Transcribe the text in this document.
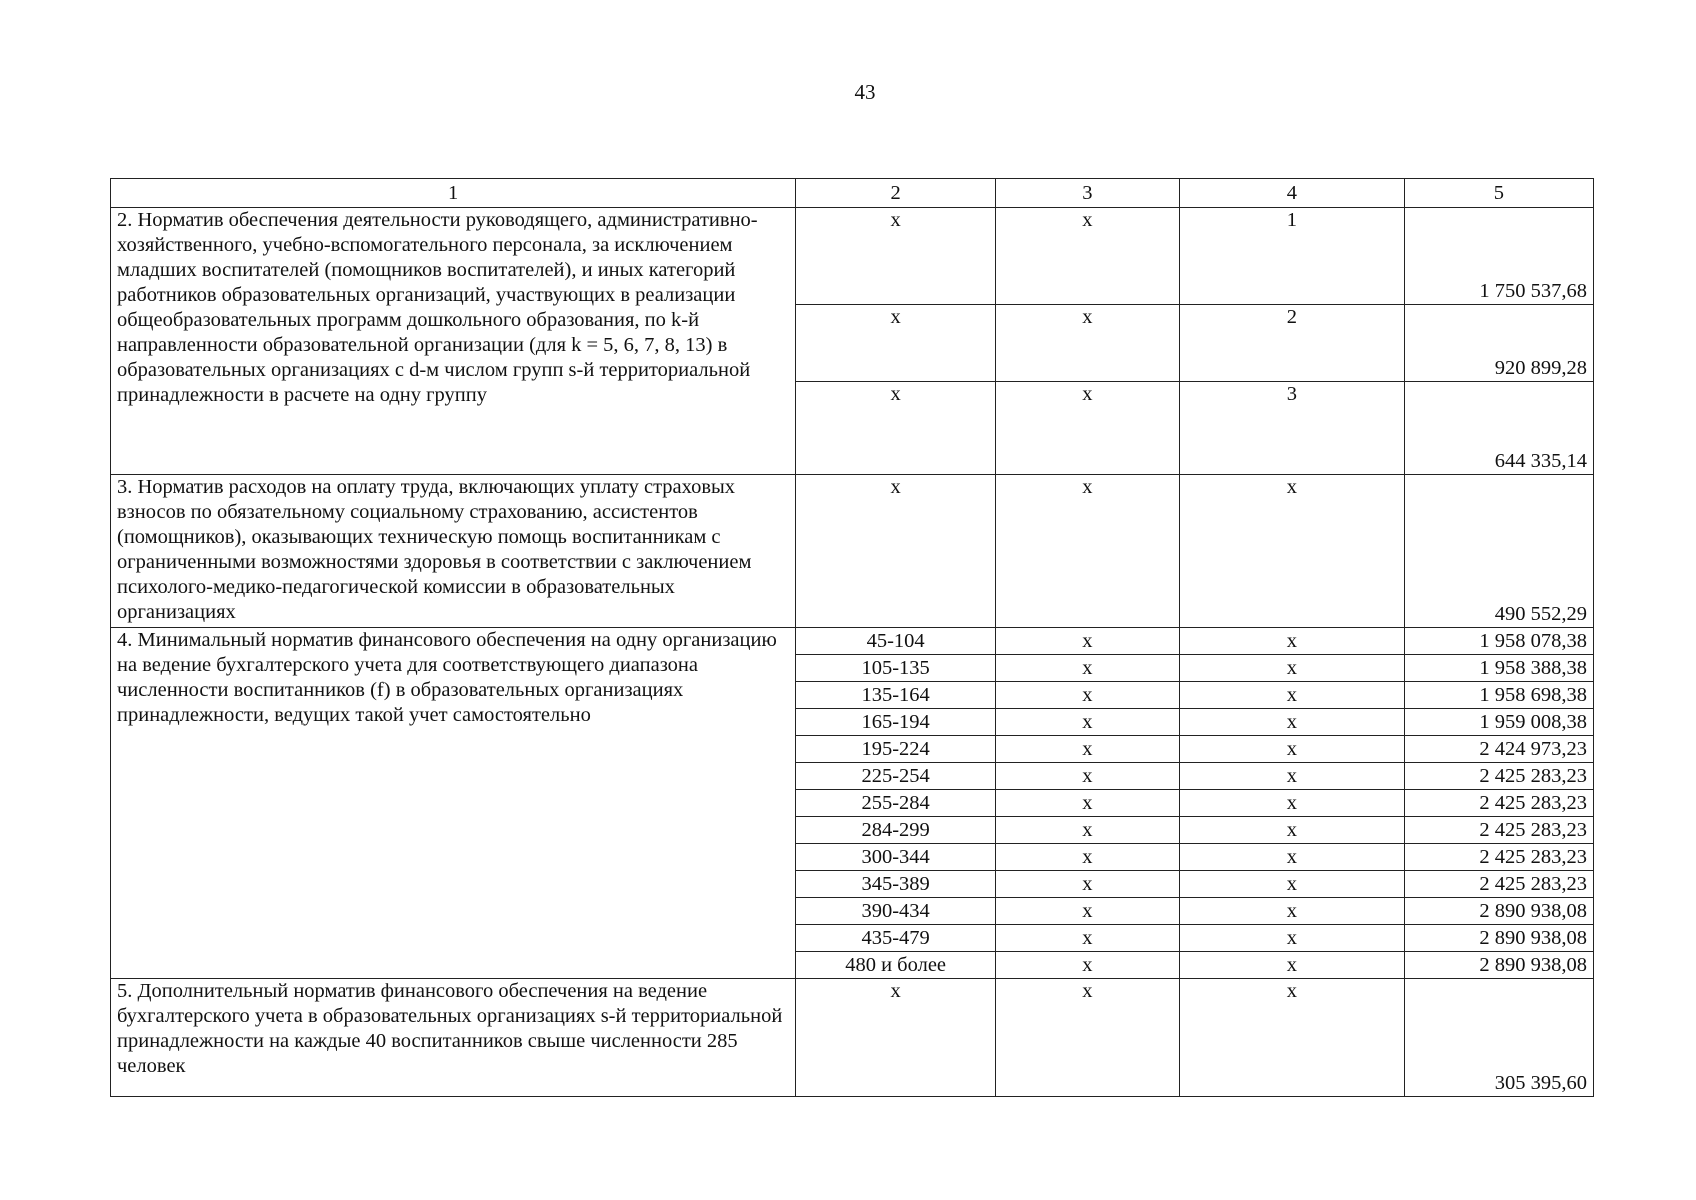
43
1	2	3	4	5
2. Норматив обеспечения деятельности руководящего, административно-хозяйственного, учебно-вспомогательного персонала, за исключением младших воспитателей (помощников воспитателей), и иных категорий работников образовательных организаций, участвующих в реализации общеобразовательных программ дошкольного образования, по k-й направленности образовательной организации (для k = 5, 6, 7, 8, 13) в образовательных организациях с d-м числом групп s-й территориальной принадлежности в расчете на одну группу	x	x	1	1 750 537,68
	x	x	2	920 899,28
	x	x	3	644 335,14
3. Норматив расходов на оплату труда, включающих уплату страховых взносов по обязательному социальному страхованию, ассистентов (помощников), оказывающих техническую помощь воспитанникам с ограниченными возможностями здоровья в соответствии с заключением психолого-медико-педагогической комиссии в образовательных организациях	x	x	x	490 552,29
4. Минимальный норматив финансового обеспечения на одну организацию на ведение бухгалтерского учета для соответствующего диапазона численности воспитанников (f) в образовательных организациях принадлежности, ведущих такой учет самостоятельно	45-104	x	x	1 958 078,38
	105-135	x	x	1 958 388,38
	135-164	x	x	1 958 698,38
	165-194	x	x	1 959 008,38
	195-224	x	x	2 424 973,23
	225-254	x	x	2 425 283,23
	255-284	x	x	2 425 283,23
	284-299	x	x	2 425 283,23
	300-344	x	x	2 425 283,23
	345-389	x	x	2 425 283,23
	390-434	x	x	2 890 938,08
	435-479	x	x	2 890 938,08
	480 и более	x	x	2 890 938,08
5. Дополнительный норматив финансового обеспечения на ведение бухгалтерского учета в образовательных организациях s-й территориальной принадлежности на каждые 40 воспитанников свыше численности 285 человек	x	x	x	305 395,60
